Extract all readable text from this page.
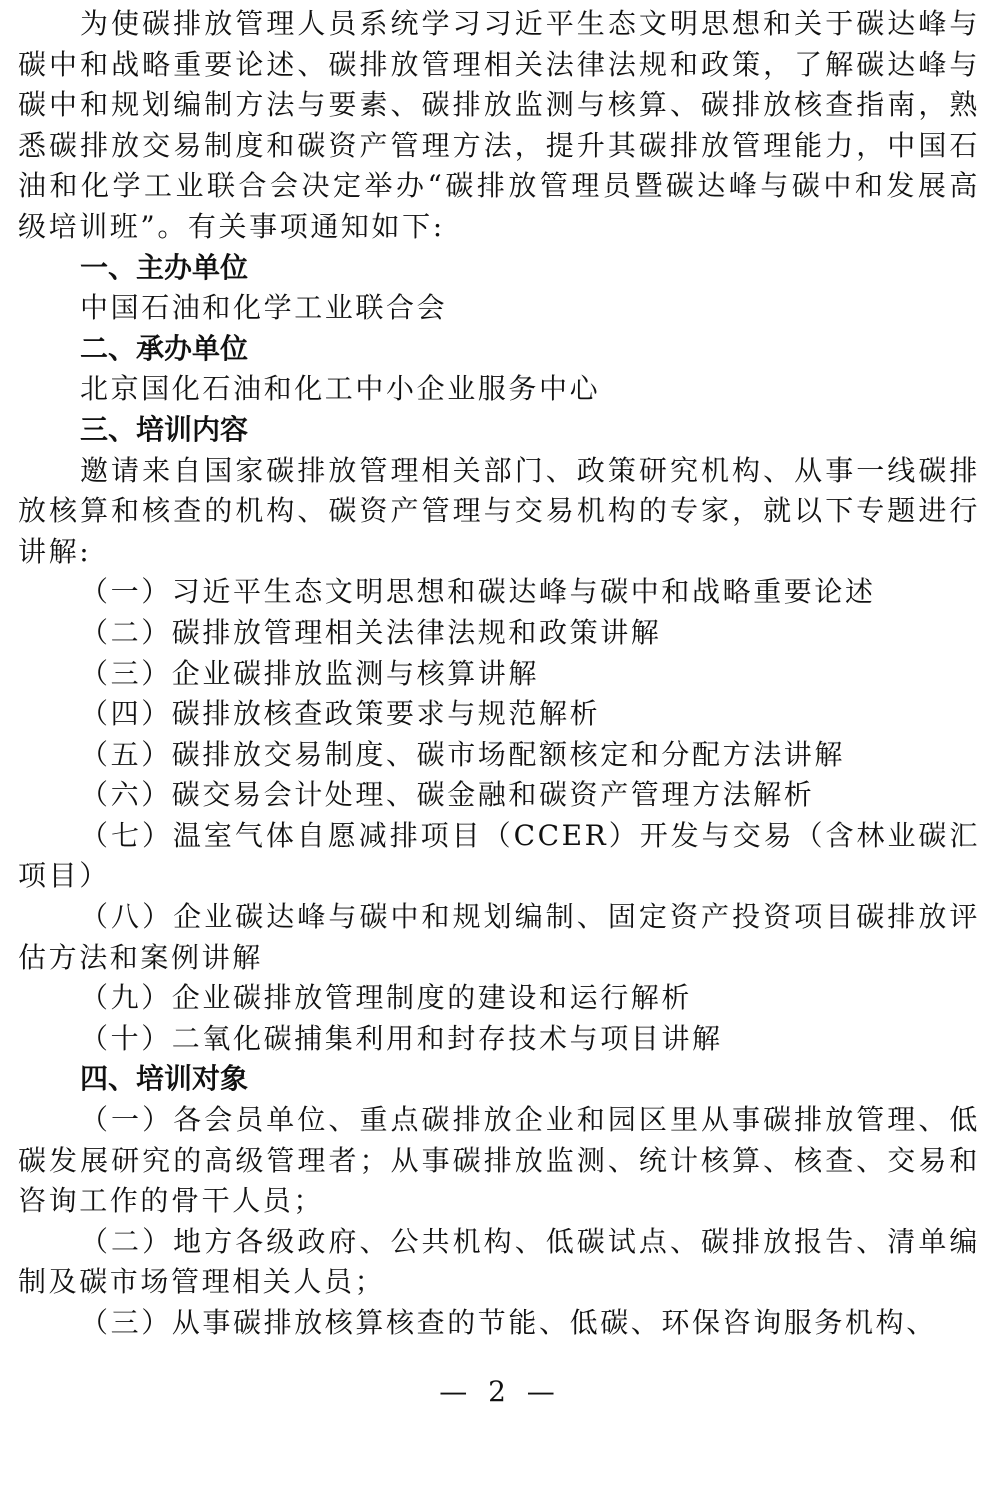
为使碳排放管理人员系统学习习近平生态文明思想和关于碳达峰与碳中和战略重要论述、碳排放管理相关法律法规和政策，了解碳达峰与碳中和规划编制方法与要素、碳排放监测与核算、碳排放核查指南，熟悉碳排放交易制度和碳资产管理方法，提升其碳排放管理能力，中国石油和化学工业联合会决定举办“碳排放管理员暨碳达峰与碳中和发展高级培训班”。有关事项通知如下:

一、主办单位

中国石油和化学工业联合会

二、承办单位

北京国化石油和化工中小企业服务中心

三、培训内容

邀请来自国家碳排放管理相关部门、政策研究机构、从事一线碳排放核算和核查的机构、碳资产管理与交易机构的专家，就以下专题进行讲解:

（一）习近平生态文明思想和碳达峰与碳中和战略重要论述

（二）碳排放管理相关法律法规和政策讲解

（三）企业碳排放监测与核算讲解

（四）碳排放核查政策要求与规范解析

（五）碳排放交易制度、碳市场配额核定和分配方法讲解

（六）碳交易会计处理、碳金融和碳资产管理方法解析

（七）温室气体自愿减排项目（CCER）开发与交易（含林业碳汇项目）

（八）企业碳达峰与碳中和规划编制、固定资产投资项目碳排放评估方法和案例讲解

（九）企业碳排放管理制度的建设和运行解析

（十）二氧化碳捕集利用和封存技术与项目讲解

四、培训对象

（一）各会员单位、重点碳排放企业和园区里从事碳排放管理、低碳发展研究的高级管理者；从事碳排放监测、统计核算、核查、交易和咨询工作的骨干人员；

（二）地方各级政府、公共机构、低碳试点、碳排放报告、清单编制及碳市场管理相关人员；

（三）从事碳排放核算核查的节能、低碳、环保咨询服务机构、

— 2 —
